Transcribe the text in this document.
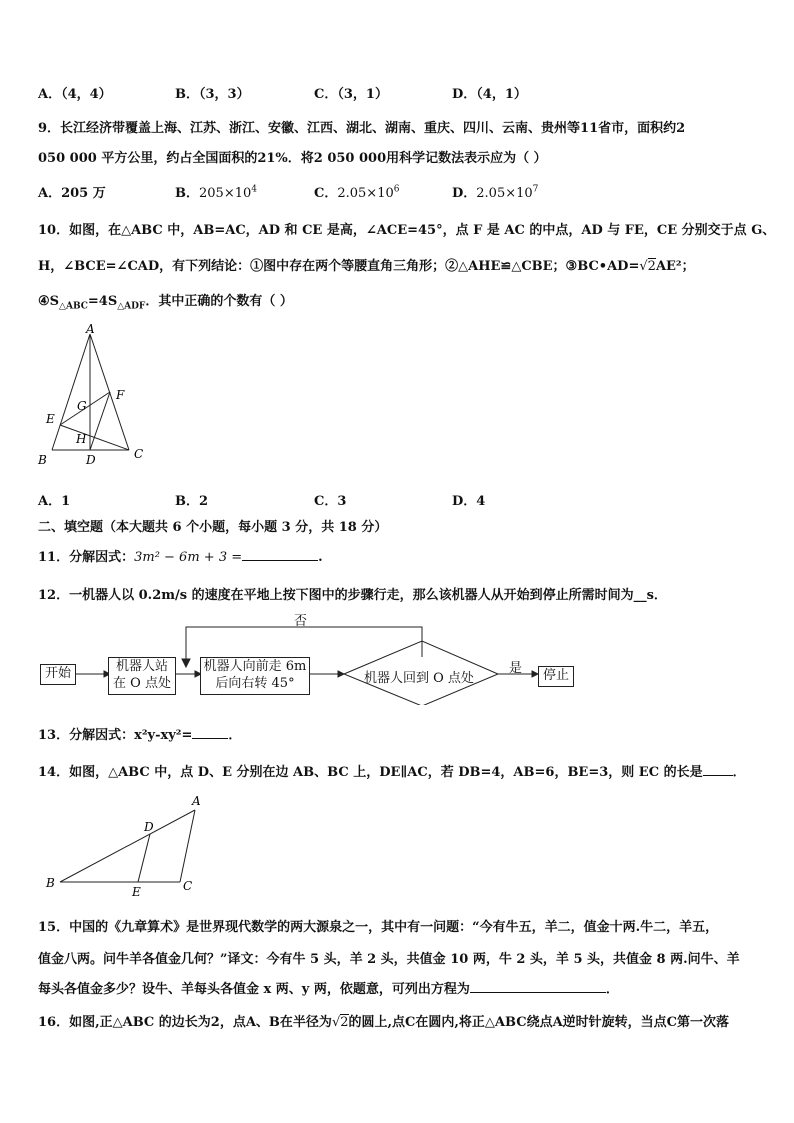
A．（4，4）	B．（3，3）	C．（3，1）	D．（4，1）
9．长江经济带覆盖上海、江苏、浙江、安徽、江西、湖北、湖南、重庆、四川、云南、贵州等11省市，面积约2
050 000 平方公里，约占全国面积的21%．将2 050 000用科学记数法表示应为（ ）
A．205 万	B．$205\times 10^4$	C．$2.05\times 10^6$	D．$2.05\times 10^7$
10．如图，在△ABC 中，AB=AC，AD 和 CE 是高，∠ACE=45°，点 F 是 AC 的中点，AD 与 FE，CE 分别交于点 G、
H，∠BCE=∠CAD，有下列结论：①图中存在两个等腰直角三角形；②△AHE≌△CBE；③BC•AD=√2AE²；
$④S_{\triangle ABC}=4S_{\triangle ADF}$．其中正确的个数有（ ）
A
F
G
E
H
B	D	C
A．1	B．2	C．3	D．4
二、填空题（本大题共 6 个小题，每小题 3 分，共 18 分）
11．分解因式：3m² − 6m + 3 =	.
12．一机器人以 0.2m/s 的速度在平地上按下图中的步骤行走，那么该机器人从开始到停止所需时间为__s．
否
是
开始	机器人站
在 O 点处
机器人向前走 6m
后向右转 45°	机器人回到 O 点处	停止
13．分解因式：x²y-xy²=	．
14．如图，△ABC 中，点 D、E 分别在边 AB、BC 上，DE∥AC，若 DB=4，AB=6，BE=3，则 EC 的长是 ．
A
D
B
E	C
15．中国的《九章算术》是世界现代数学的两大源泉之一，其中有一问题：“今有牛五，羊二，值金十两.牛二，羊五，
值金八两。问牛羊各值金几何？”译文：今有牛 5 头，羊 2 头，共值金 10 两，牛 2 头，羊 5 头，共值金 8 两.问牛、羊
每头各值金多少？设牛、羊每头各值金 x 两、y 两，依题意，可列出方程为	．
16．如图,正△ABC 的边长为2，点A、B在半径为√2的圆上,点C在圆内,将正△ABC绕点A逆时针旋转，当点C第一次落
